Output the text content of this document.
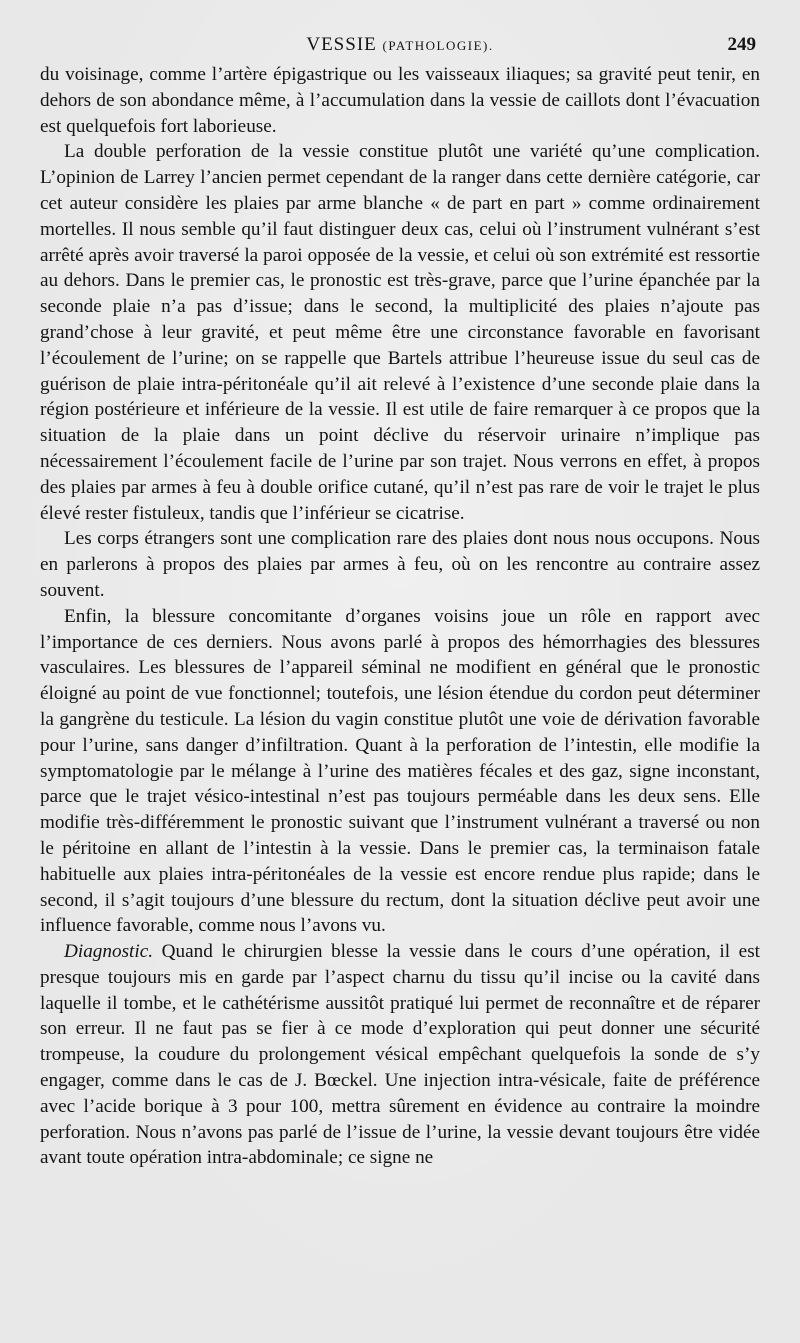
VESSIE (PATHOLOGIE).	249

du voisinage, comme l’artère épigastrique ou les vaisseaux iliaques; sa gravité peut tenir, en dehors de son abondance même, à l’accumulation dans la vessie de caillots dont l’évacuation est quelquefois fort laborieuse.

La double perforation de la vessie constitue plutôt une variété qu’une complication. L’opinion de Larrey l’ancien permet cependant de la ranger dans cette dernière catégorie, car cet auteur considère les plaies par arme blanche « de part en part » comme ordinairement mortelles. Il nous semble qu’il faut distinguer deux cas, celui où l’instrument vulnérant s’est arrêté après avoir traversé la paroi opposée de la vessie, et celui où son extrémité est ressortie au dehors. Dans le premier cas, le pronostic est très-grave, parce que l’urine épanchée par la seconde plaie n’a pas d’issue; dans le second, la multiplicité des plaies n’ajoute pas grand’chose à leur gravité, et peut même être une circonstance favorable en favorisant l’écoulement de l’urine; on se rappelle que Bartels attribue l’heureuse issue du seul cas de guérison de plaie intra-péritonéale qu’il ait relevé à l’existence d’une seconde plaie dans la région postérieure et inférieure de la vessie. Il est utile de faire remarquer à ce propos que la situation de la plaie dans un point déclive du réservoir urinaire n’implique pas nécessairement l’écoulement facile de l’urine par son trajet. Nous verrons en effet, à propos des plaies par armes à feu à double orifice cutané, qu’il n’est pas rare de voir le trajet le plus élevé rester fistuleux, tandis que l’inférieur se cicatrise.

Les corps étrangers sont une complication rare des plaies dont nous nous occupons. Nous en parlerons à propos des plaies par armes à feu, où on les rencontre au contraire assez souvent.

Enfin, la blessure concomitante d’organes voisins joue un rôle en rapport avec l’importance de ces derniers. Nous avons parlé à propos des hémorrhagies des blessures vasculaires. Les blessures de l’appareil séminal ne modifient en général que le pronostic éloigné au point de vue fonctionnel; toutefois, une lésion étendue du cordon peut déterminer la gangrène du testicule. La lésion du vagin constitue plutôt une voie de dérivation favorable pour l’urine, sans danger d’infiltration. Quant à la perforation de l’intestin, elle modifie la symptomatologie par le mélange à l’urine des matières fécales et des gaz, signe inconstant, parce que le trajet vésico-intestinal n’est pas toujours perméable dans les deux sens. Elle modifie très-différemment le pronostic suivant que l’instrument vulnérant a traversé ou non le péritoine en allant de l’intestin à la vessie. Dans le premier cas, la terminaison fatale habituelle aux plaies intra-péritonéales de la vessie est encore rendue plus rapide; dans le second, il s’agit toujours d’une blessure du rectum, dont la situation déclive peut avoir une influence favorable, comme nous l’avons vu.

Diagnostic. Quand le chirurgien blesse la vessie dans le cours d’une opération, il est presque toujours mis en garde par l’aspect charnu du tissu qu’il incise ou la cavité dans laquelle il tombe, et le cathétérisme aussitôt pratiqué lui permet de reconnaître et de réparer son erreur. Il ne faut pas se fier à ce mode d’exploration qui peut donner une sécurité trompeuse, la coudure du prolongement vésical empêchant quelquefois la sonde de s’y engager, comme dans le cas de J. Bœckel. Une injection intra-vésicale, faite de préférence avec l’acide borique à 3 pour 100, mettra sûrement en évidence au contraire la moindre perforation. Nous n’avons pas parlé de l’issue de l’urine, la vessie devant toujours être vidée avant toute opération intra-abdominale; ce signe ne
